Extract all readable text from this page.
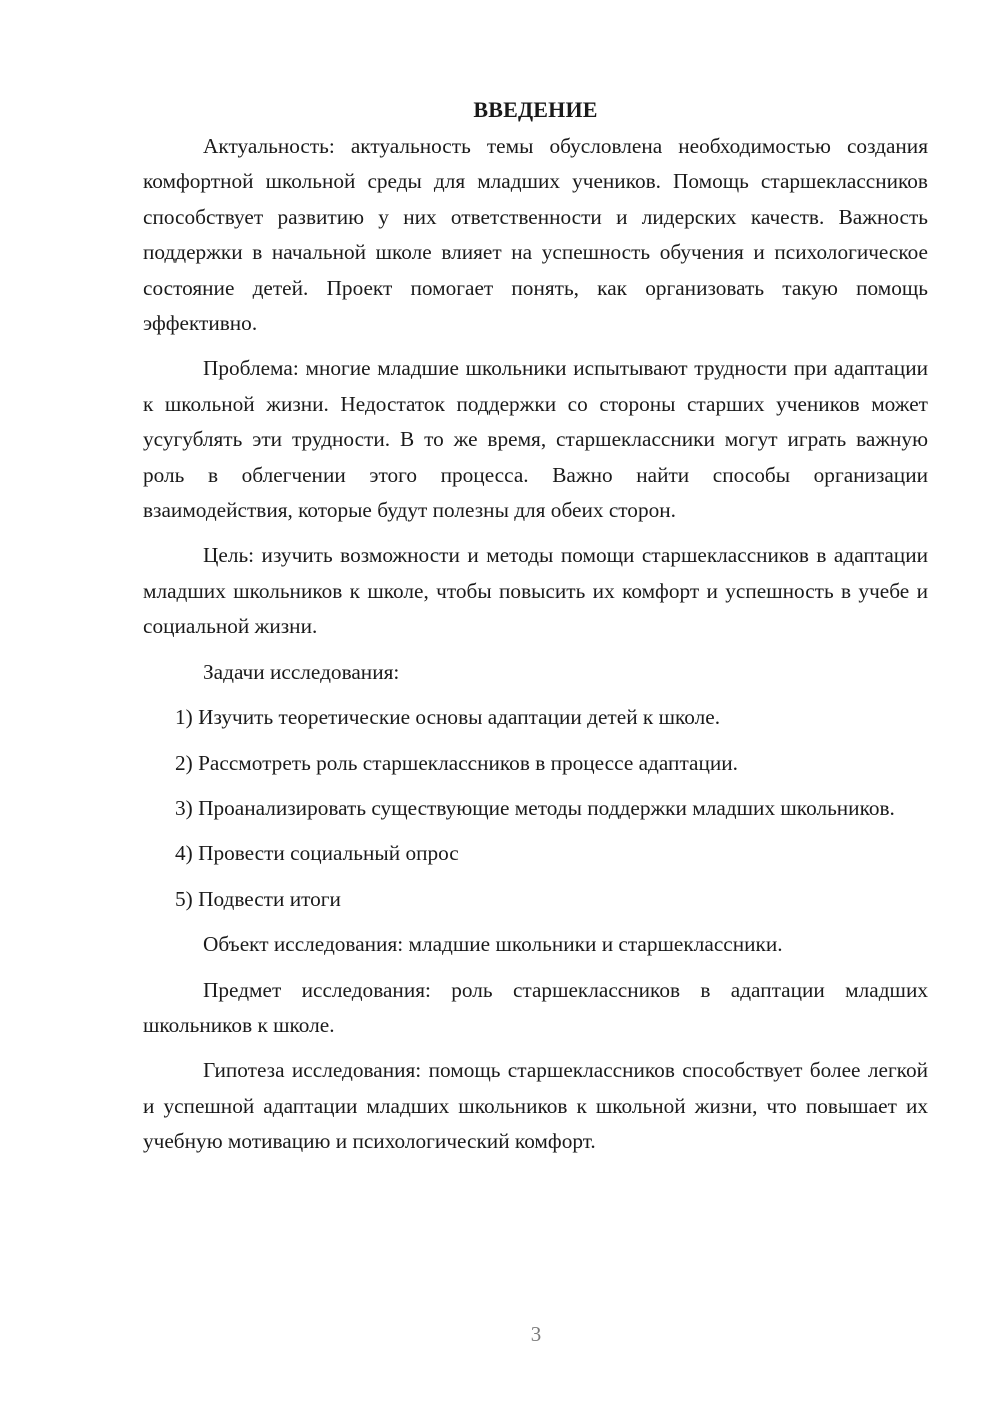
ВВЕДЕНИЕ

Актуальность: актуальность темы обусловлена необходимостью создания комфортной школьной среды для младших учеников. Помощь старшеклассников способствует развитию у них ответственности и лидерских качеств. Важность поддержки в начальной школе влияет на успешность обучения и психологическое состояние детей. Проект помогает понять, как организовать такую помощь эффективно.

Проблема: многие младшие школьники испытывают трудности при адаптации к школьной жизни. Недостаток поддержки со стороны старших учеников может усугублять эти трудности. В то же время, старшеклассники могут играть важную роль в облегчении этого процесса. Важно найти способы организации взаимодействия, которые будут полезны для обеих сторон.

Цель: изучить возможности и методы помощи старшеклассников в адаптации младших школьников к школе, чтобы повысить их комфорт и успешность в учебе и социальной жизни.

Задачи исследования:

1) Изучить теоретические основы адаптации детей к школе.

2) Рассмотреть роль старшеклассников в процессе адаптации.

3) Проанализировать существующие методы поддержки младших школьников.

4) Провести социальный опрос

5) Подвести итоги

Объект исследования: младшие школьники и старшеклассники.

Предмет исследования: роль старшеклассников в адаптации младших школьников к школе.

Гипотеза исследования: помощь старшеклассников способствует более легкой и успешной адаптации младших школьников к школьной жизни, что повышает их учебную мотивацию и психологический комфорт.

3
